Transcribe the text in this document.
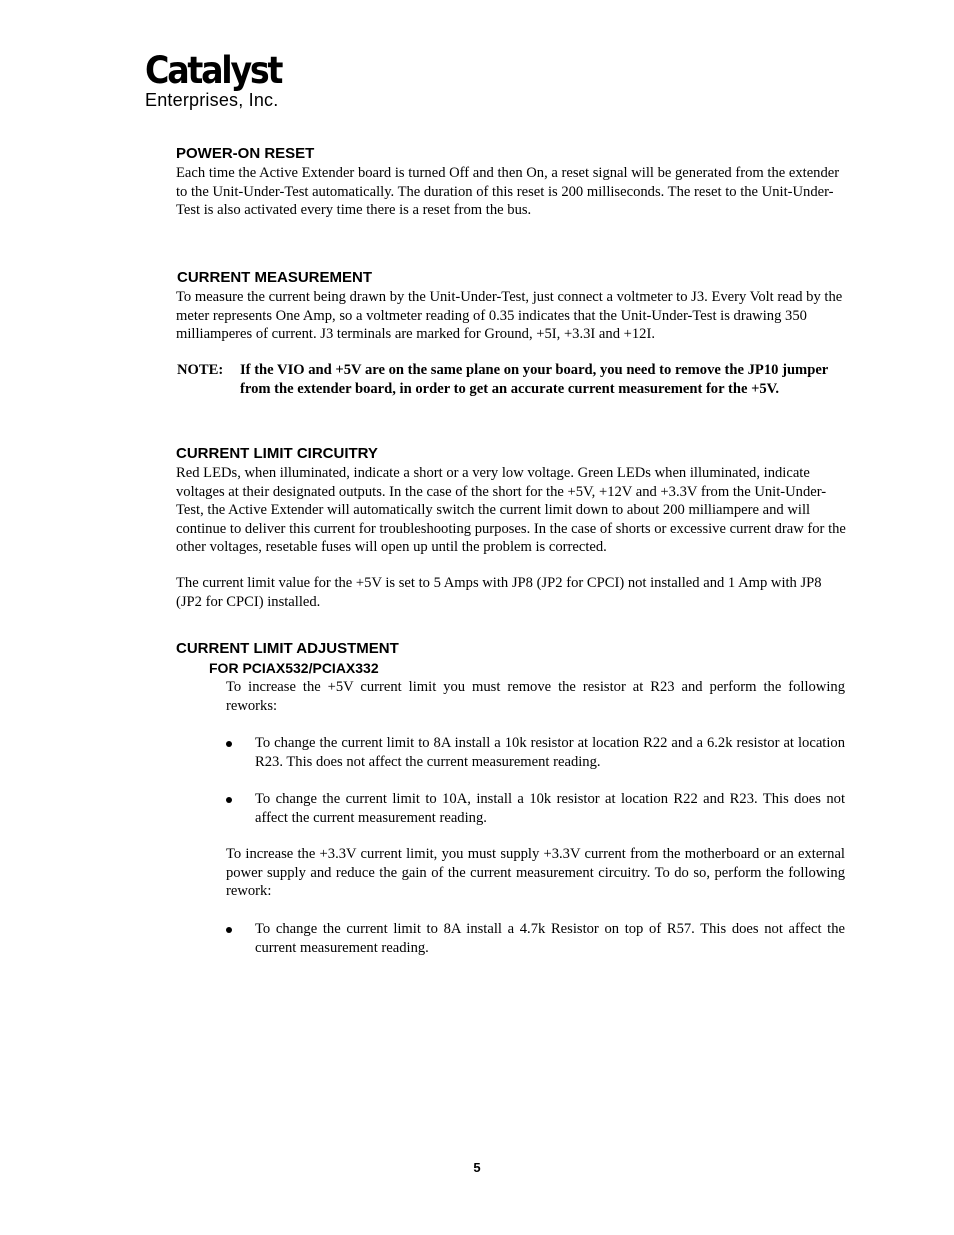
Catalyst
Enterprises, Inc.
POWER-ON RESET

Each time the Active Extender board is turned Off and then On, a reset signal will be generated from the extender to the Unit-Under-Test automatically. The duration of this reset is 200 milliseconds. The reset to the Unit-Under-Test is also activated every time there is a reset from the bus.

CURRENT MEASUREMENT

To measure the current being drawn by the Unit-Under-Test, just connect a voltmeter to J3. Every Volt read by the meter represents One Amp, so a voltmeter reading of 0.35 indicates that the Unit-Under-Test is drawing 350 milliamperes of current. J3 terminals are marked for Ground, +5I, +3.3I and +12I.

NOTE: If the VIO and +5V are on the same plane on your board, you need to remove the JP10 jumper from the extender board, in order to get an accurate current measurement for the +5V.
CURRENT LIMIT CIRCUITRY

Red LEDs, when illuminated, indicate a short or a very low voltage. Green LEDs when illuminated, indicate voltages at their designated outputs. In the case of the short for the +5V, +12V and +3.3V from the Unit-Under-Test, the Active Extender will automatically switch the current limit down to about 200 milliampere and will continue to deliver this current for troubleshooting purposes. In the case of shorts or excessive current draw for the other voltages, resetable fuses will open up until the problem is corrected.

The current limit value for the +5V is set to 5 Amps with JP8 (JP2 for CPCI) not installed and 1 Amp with JP8 (JP2 for CPCI) installed.

CURRENT LIMIT ADJUSTMENT
FOR PCIAX532/PCIAX332

To increase the +5V current limit you must remove the resistor at R23 and perform the following reworks:

To change the current limit to 8A install a 10k resistor at location R22 and a 6.2k resistor at location R23. This does not affect the current measurement reading.
To change the current limit to 10A, install a 10k resistor at location R22 and R23. This does not affect the current measurement reading.

To increase the +3.3V current limit, you must supply +3.3V current from the motherboard or an external power supply and reduce the gain of the current measurement circuitry. To do so, perform the following rework:

To change the current limit to 8A install a 4.7k Resistor on top of R57. This does not affect the current measurement reading.
5
